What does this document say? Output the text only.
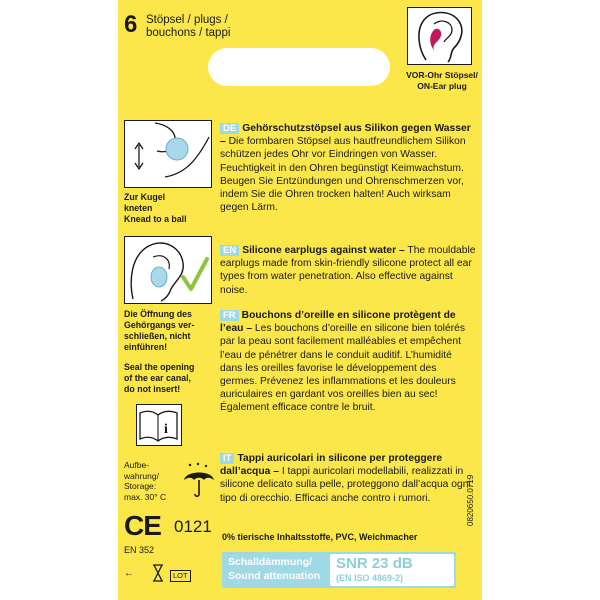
6 Stöpsel / plugs /
bouchons / tappi
VOR-Ohr Stöpsel/
ON-Ear plug
Zur Kugel
kneten
Knead to a ball
Die Öffnung des
Gehörgangs ver-
schließen, nicht
einführen!
Seal the opening
of the ear canal,
do not insert!
i
Aufbe-
wahrung/
Storage:
max. 30° C
CE 0121
EN 352
←	LOT

DE Gehörschutzstöpsel aus Silikon gegen Wasser – Die formbaren Stöpsel aus hautfreundlichem Silikon schützen jedes Ohr vor Eindringen von Wasser. Feuchtigkeit in den Ohren begünstigt Keimwachstum. Beugen Sie Entzündungen und Ohrenschmerzen vor, indem Sie die Ohren trocken halten! Auch wirksam gegen Lärm.

EN Silicone earplugs against water – The mouldable earplugs made from skin-friendly silicone protect all ear types from water penetration. Also effective against noise.

FR Bouchons d’oreille en silicone protègent de l’eau – Les bouchons d’oreille en silicone bien tolérés par la peau sont facilement malléables et empêchent l’eau de pénétrer dans le conduit auditif. L’humidité dans les oreilles favorise le développement des germes. Prévenez les inflammations et les douleurs auriculaires en gardant vos oreilles bien au sec! Également efficace contre le bruit.

IT Tappi auricolari in silicone per proteggere dall’acqua – I tappi auricolari modellabili, realizzati in silicone delicato sulla pelle, proteggono dall’acqua ogni tipo di orecchio. Efficaci anche contro i rumori.

0% tierische Inhaltsstoffe, PVC, Weichmacher
Schalldämmung/
Sound attenuation
SNR 23 dB
(EN ISO 4869-2)
0820650.0719
